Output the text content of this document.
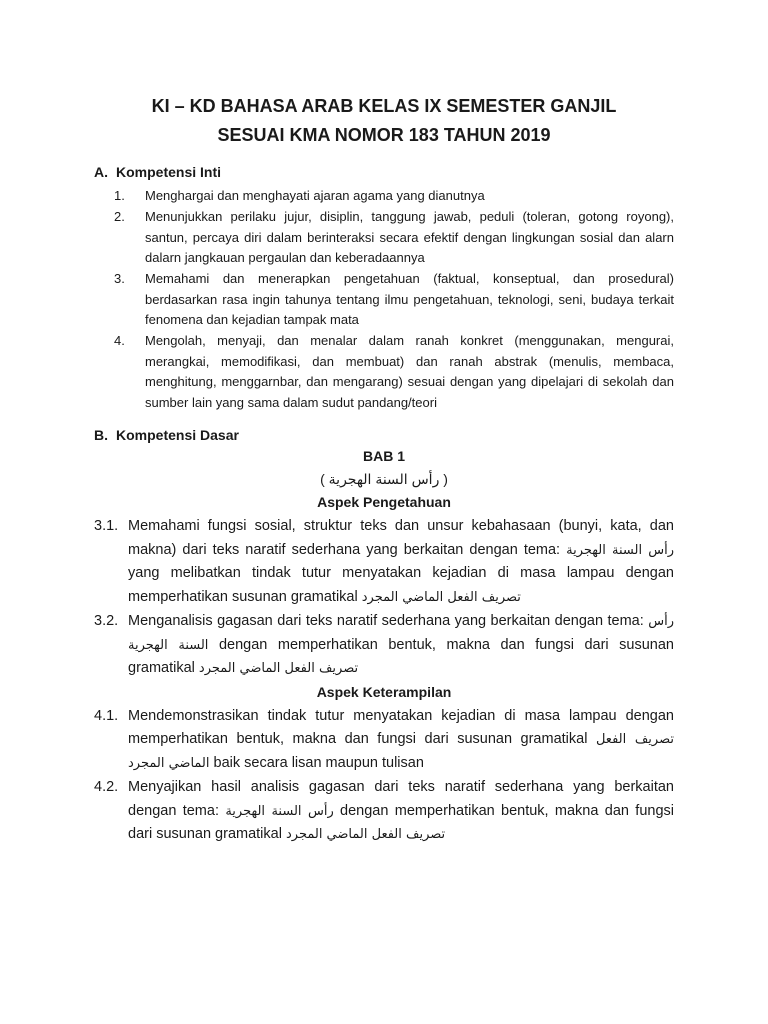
KI – KD BAHASA ARAB KELAS IX SEMESTER GANJIL
SESUAI KMA NOMOR 183 TAHUN 2019
A. Kompetensi Inti
1.	Menghargai dan menghayati ajaran agama yang dianutnya
2.	Menunjukkan perilaku jujur, disiplin, tanggung jawab, peduli (toleran, gotong royong), santun, percaya diri dalam berinteraksi secara efektif dengan lingkungan sosial dan alarn dalarn jangkauan pergaulan dan keberadaannya
3.	Memahami dan menerapkan pengetahuan (faktual, konseptual, dan prosedural) berdasarkan rasa ingin tahunya tentang ilmu pengetahuan, teknologi, seni, budaya terkait fenomena dan kejadian tampak mata
4.	Mengolah, menyaji, dan menalar dalam ranah konkret (menggunakan, mengurai, merangkai, memodifikasi, dan membuat) dan ranah abstrak (menulis, membaca, menghitung, menggarnbar, dan mengarang) sesuai dengan yang dipelajari di sekolah dan sumber lain yang sama dalam sudut pandang/teori
B. Kompetensi Dasar
BAB 1
( رأس السنة الهجرية )
Aspek Pengetahuan
3.1. Memahami fungsi sosial, struktur teks dan unsur kebahasaan (bunyi, kata, dan makna) dari teks naratif sederhana yang berkaitan dengan tema: رأس السنة الهجرية yang melibatkan tindak tutur menyatakan kejadian di masa lampau dengan memperhatikan susunan gramatikal تصريف الفعل الماضي المجرد
3.2. Menganalisis gagasan dari teks naratif sederhana yang berkaitan dengan tema: رأس السنة الهجرية dengan memperhatikan bentuk, makna dan fungsi dari susunan gramatikal تصريف الفعل الماضي المجرد
Aspek Keterampilan
4.1. Mendemonstrasikan tindak tutur menyatakan kejadian di masa lampau dengan memperhatikan bentuk, makna dan fungsi dari susunan gramatikal تصريف الفعل الماضي المجرد baik secara lisan maupun tulisan
4.2. Menyajikan hasil analisis gagasan dari teks naratif sederhana yang berkaitan dengan tema: رأس السنة الهجرية dengan memperhatikan bentuk, makna dan fungsi dari susunan gramatikal تصريف الفعل الماضي المجرد
